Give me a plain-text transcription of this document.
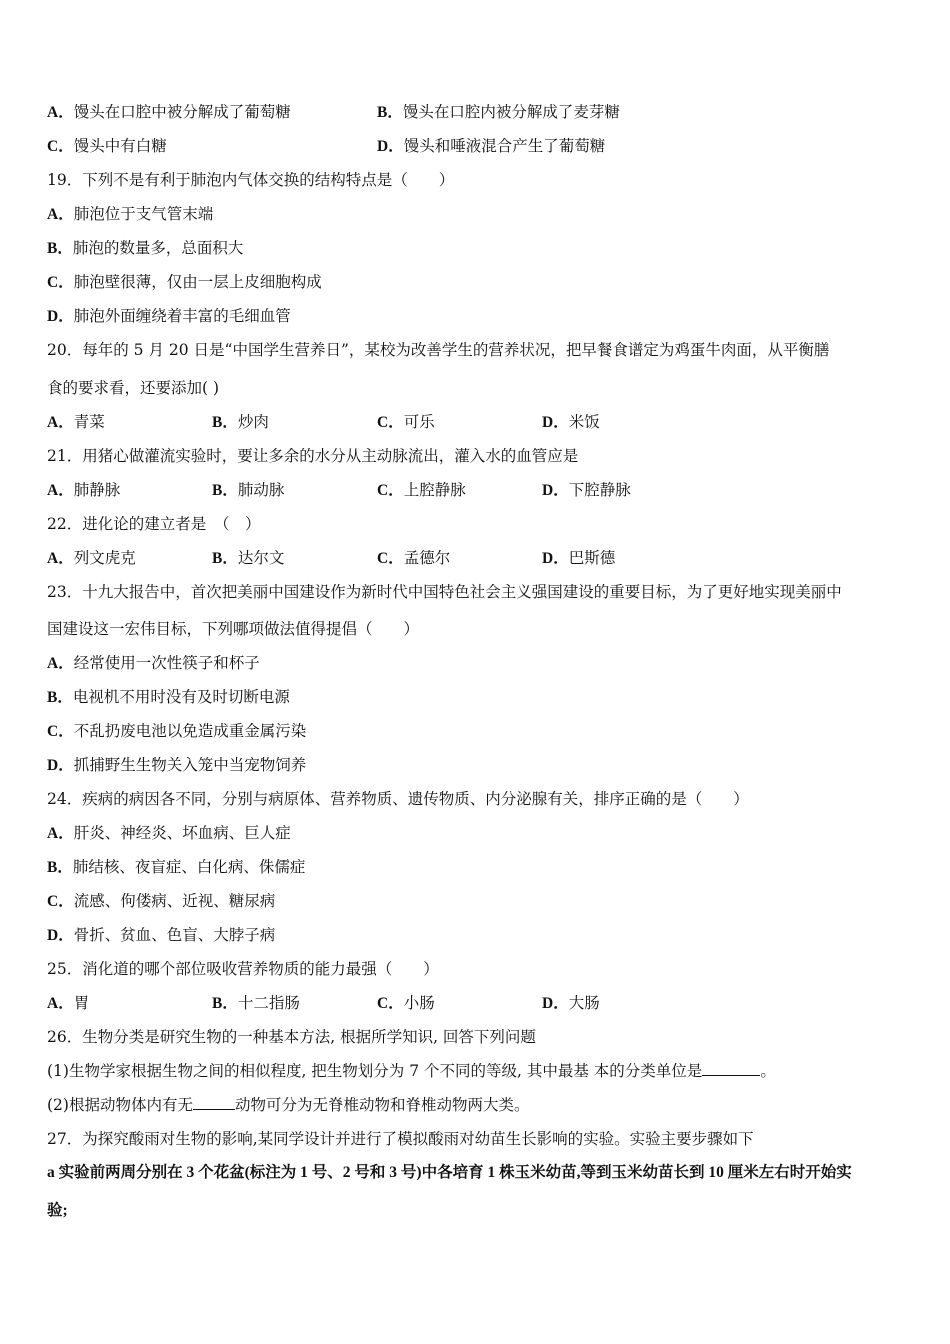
A．馒头在口腔中被分解成了葡萄糖	B．馒头在口腔内被分解成了麦芽糖
C．馒头中有白糖	D．馒头和唾液混合产生了葡萄糖
19．下列不是有利于肺泡内气体交换的结构特点是（　　）
A．肺泡位于支气管末端
B．肺泡的数量多，总面积大
C．肺泡壁很薄，仅由一层上皮细胞构成
D．肺泡外面缠绕着丰富的毛细血管
20．每年的 5 月 20 日是“中国学生营养日”，某校为改善学生的营养状况，把早餐食谱定为鸡蛋牛肉面，从平衡膳
食的要求看，还要添加( )
A．青菜	B．炒肉	C．可乐	D．米饭
21．用猪心做灌流实验时，要让多余的水分从主动脉流出，灌入水的血管应是
A．肺静脉	B．肺动脉	C．上腔静脉	D．下腔静脉
22．进化论的建立者是　（　）
A．列文虎克	B．达尔文	C．孟德尔	D．巴斯德
23．十九大报告中，首次把美丽中国建设作为新时代中国特色社会主义强国建设的重要目标，为了更好地实现美丽中
国建设这一宏伟目标，下列哪项做法值得提倡（　　）
A．经常使用一次性筷子和杯子
B．电视机不用时没有及时切断电源
C．不乱扔废电池以免造成重金属污染
D．抓捕野生生物关入笼中当宠物饲养
24．疾病的病因各不同，分别与病原体、营养物质、遗传物质、内分泌腺有关，排序正确的是（　　）
A．肝炎、神经炎、坏血病、巨人症
B．肺结核、夜盲症、白化病、侏儒症
C．流感、佝偻病、近视、糖尿病
D．骨折、贫血、色盲、大脖子病
25．消化道的哪个部位吸收营养物质的能力最强（　　）
A．胃	B．十二指肠	C．小肠	D．大肠
26．生物分类是研究生物的一种基本方法, 根据所学知识, 回答下列问题
(1)生物学家根据生物之间的相似程度, 把生物划分为 7 个不同的等级, 其中最基 本的分类单位是	。
(2)根据动物体内有无	动物可分为无脊椎动物和脊椎动物两大类。
27．为探究酸雨对生物的影响,某同学设计并进行了模拟酸雨对幼苗生长影响的实验。实验主要步骤如下
a 实验前两周分别在 3 个花盆(标注为 1 号、2 号和 3 号)中各培育 1 株玉米幼苗,等到玉米幼苗长到 10 厘米左右时开始实
验;
